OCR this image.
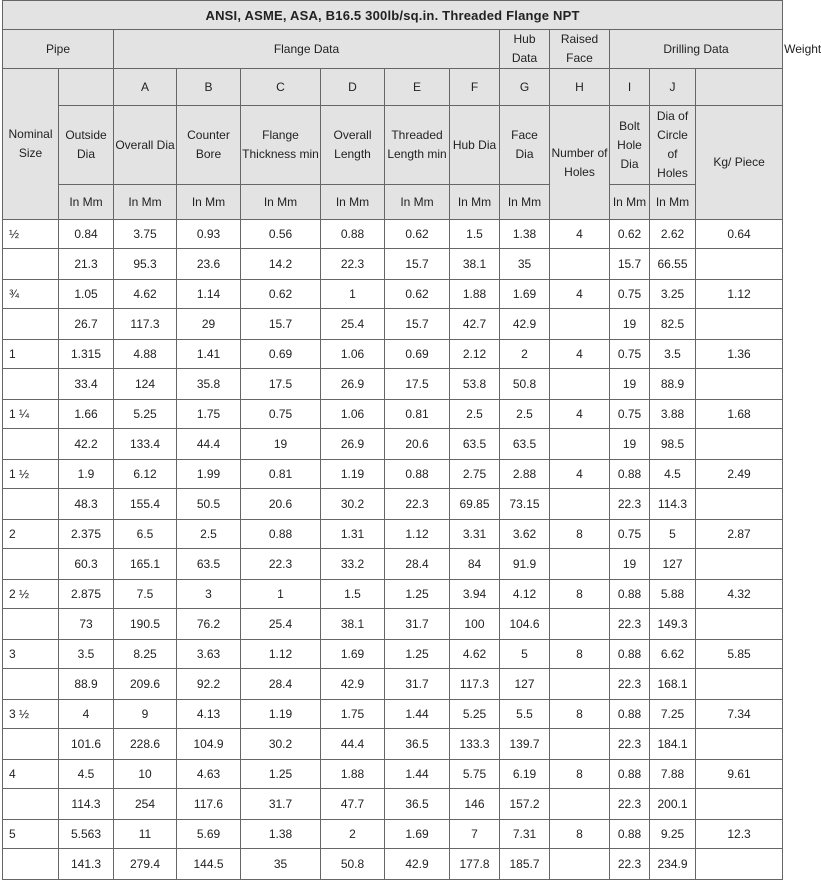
ANSI, ASME, ASA, B16.5 300lb/sq.in. Threaded Flange NPT													
Pipe		Flange Data						Hub Data	Raised Face	Drilling Data			Weight
Nominal Size		A	B	C	D	E	F	G	H	I	J		
	Outside Dia	Overall Dia	Counter Bore	Flange Thickness min	Overall Length	Threaded Length min	Hub Dia	Face Dia	Number of Holes	Bolt Hole Dia	Dia of Circle of Holes	Kg/ Piece	
	In Mm	In Mm	In Mm	In Mm	In Mm	In Mm	In Mm	In Mm		In Mm	In Mm		
½	0.84	3.75	0.93	0.56	0.88	0.62	1.5	1.38	4	0.62	2.62	0.64	
	21.3	95.3	23.6	14.2	22.3	15.7	38.1	35		15.7	66.55		
¾	1.05	4.62	1.14	0.62	1	0.62	1.88	1.69	4	0.75	3.25	1.12	
	26.7	117.3	29	15.7	25.4	15.7	42.7	42.9		19	82.5		
1	1.315	4.88	1.41	0.69	1.06	0.69	2.12	2	4	0.75	3.5	1.36	
	33.4	124	35.8	17.5	26.9	17.5	53.8	50.8		19	88.9		
1 ¼	1.66	5.25	1.75	0.75	1.06	0.81	2.5	2.5	4	0.75	3.88	1.68	
	42.2	133.4	44.4	19	26.9	20.6	63.5	63.5		19	98.5		
1 ½	1.9	6.12	1.99	0.81	1.19	0.88	2.75	2.88	4	0.88	4.5	2.49	
	48.3	155.4	50.5	20.6	30.2	22.3	69.85	73.15		22.3	114.3		
2	2.375	6.5	2.5	0.88	1.31	1.12	3.31	3.62	8	0.75	5	2.87	
	60.3	165.1	63.5	22.3	33.2	28.4	84	91.9		19	127		
2 ½	2.875	7.5	3	1	1.5	1.25	3.94	4.12	8	0.88	5.88	4.32	
	73	190.5	76.2	25.4	38.1	31.7	100	104.6		22.3	149.3		
3	3.5	8.25	3.63	1.12	1.69	1.25	4.62	5	8	0.88	6.62	5.85	
	88.9	209.6	92.2	28.4	42.9	31.7	117.3	127		22.3	168.1		
3 ½	4	9	4.13	1.19	1.75	1.44	5.25	5.5	8	0.88	7.25	7.34	
	101.6	228.6	104.9	30.2	44.4	36.5	133.3	139.7		22.3	184.1		
4	4.5	10	4.63	1.25	1.88	1.44	5.75	6.19	8	0.88	7.88	9.61	
	114.3	254	117.6	31.7	47.7	36.5	146	157.2		22.3	200.1		
5	5.563	11	5.69	1.38	2	1.69	7	7.31	8	0.88	9.25	12.3	
	141.3	279.4	144.5	35	50.8	42.9	177.8	185.7		22.3	234.9		
